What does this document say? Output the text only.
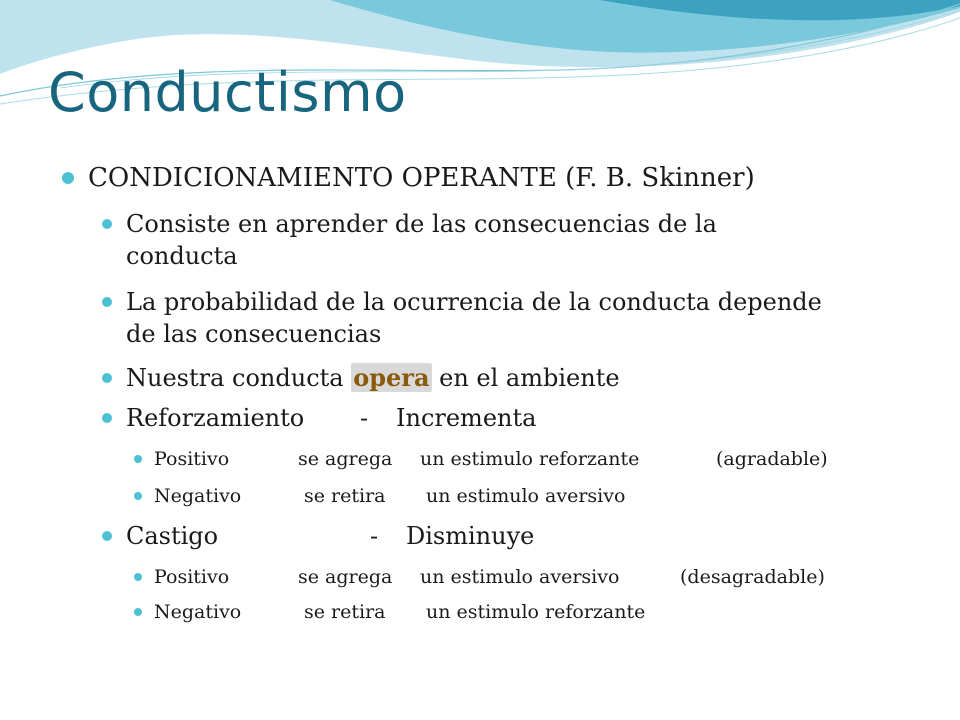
Conductismo
CONDICIONAMIENTO OPERANTE (F. B. Skinner)
Consiste en aprender de las consecuencias de la
conducta
La probabilidad de la ocurrencia de la conducta depende
de las consecuencias
Nuestra conducta opera en el ambiente
Reforzamiento - Incrementa
Positivo	se agrega un estimulo reforzante	(agradable)
Negativo	se retira un estimulo aversivo
Castigo	- Disminuye
Positivo	se agrega un estimulo aversivo	(desagradable)
Negativo	se retira un estimulo reforzante
